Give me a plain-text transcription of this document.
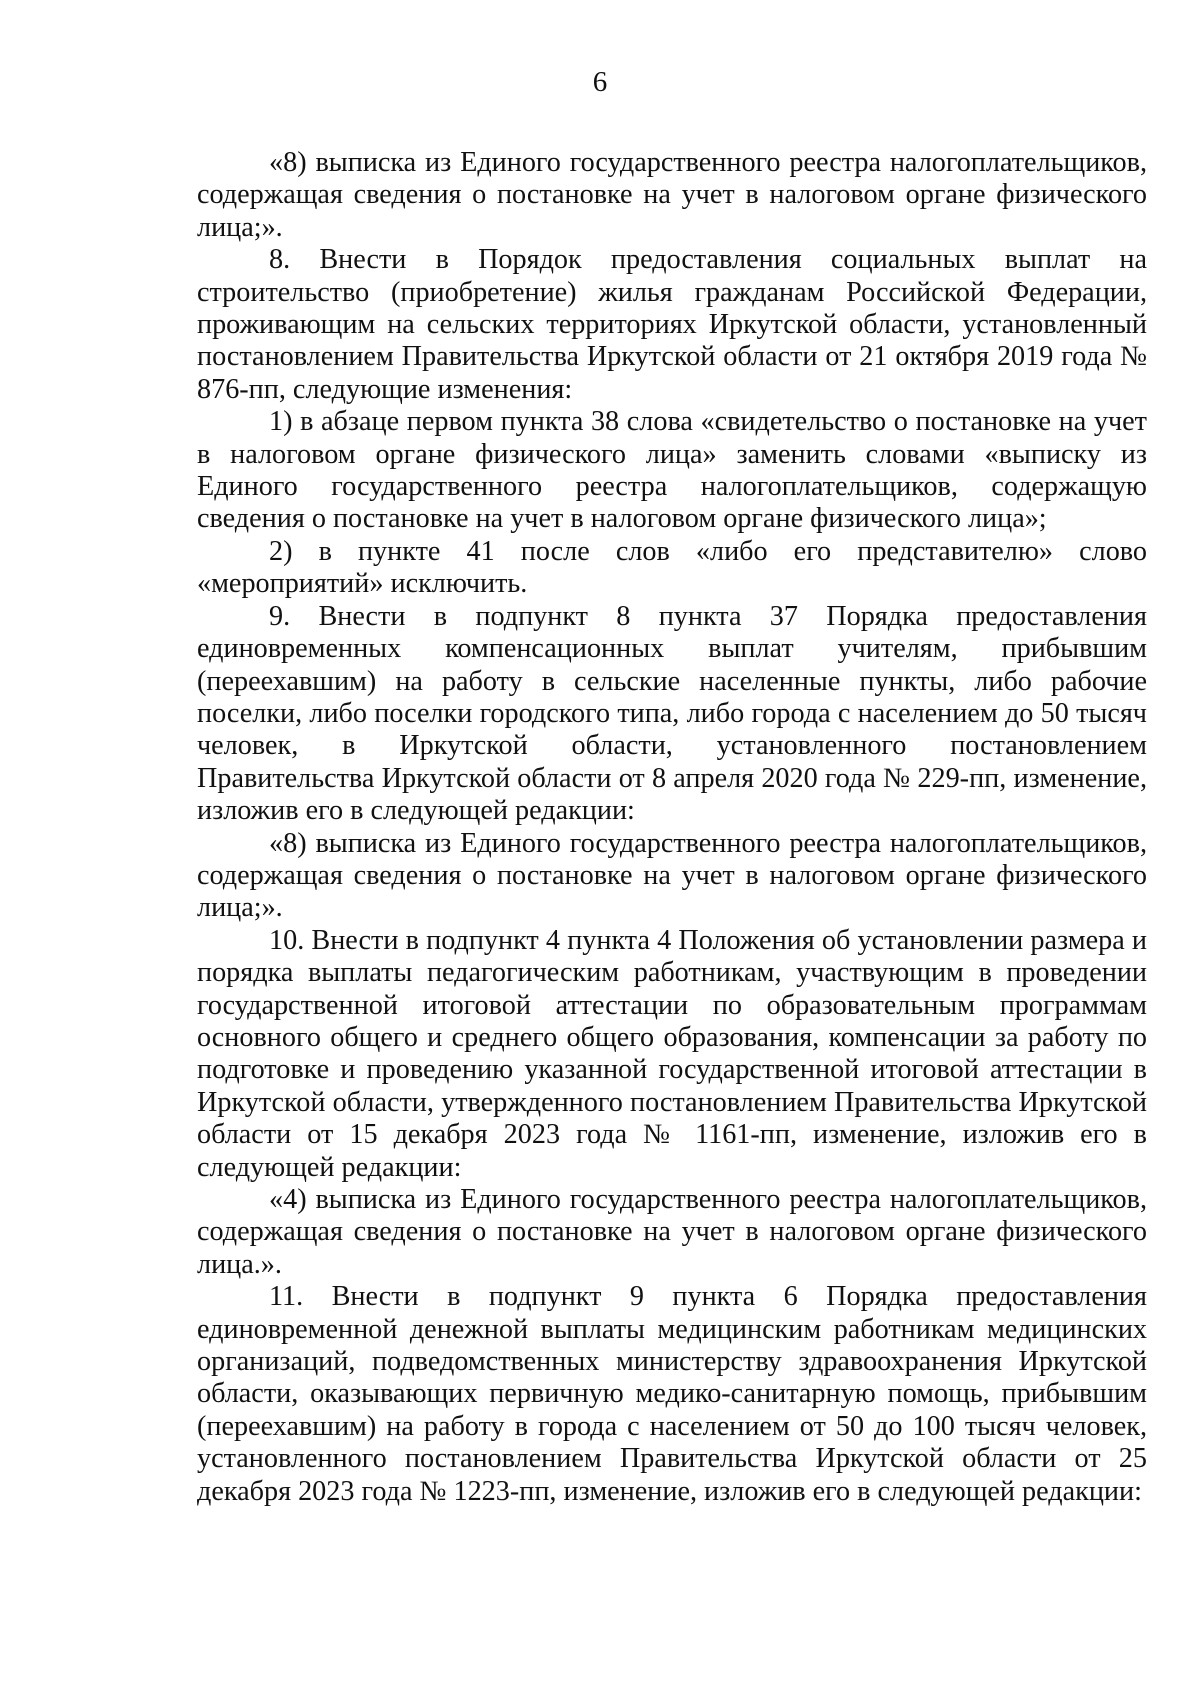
6

«8) выписка из Единого государственного реестра налогоплательщиков, содержащая сведения о постановке на учет в налоговом органе физического лица;».

8. Внести в Порядок предоставления социальных выплат на строительство (приобретение) жилья гражданам Российской Федерации, проживающим на сельских территориях Иркутской области, установленный постановлением Правительства Иркутской области от 21 октября 2019 года № 876-пп, следующие изменения:

1) в абзаце первом пункта 38 слова «свидетельство о постановке на учет в налоговом органе физического лица» заменить словами «выписку из Единого государственного реестра налогоплательщиков, содержащую сведения о постановке на учет в налоговом органе физического лица»;

2) в пункте 41 после слов «либо его представителю» слово «мероприятий» исключить.

9. Внести в подпункт 8 пункта 37 Порядка предоставления единовременных компенсационных выплат учителям, прибывшим (переехавшим) на работу в сельские населенные пункты, либо рабочие поселки, либо поселки городского типа, либо города с населением до 50 тысяч человек, в Иркутской области, установленного постановлением Правительства Иркутской области от 8 апреля 2020 года № 229-пп, изменение, изложив его в следующей редакции:

«8) выписка из Единого государственного реестра налогоплательщиков, содержащая сведения о постановке на учет в налоговом органе физического лица;».

10. Внести в подпункт 4 пункта 4 Положения об установлении размера и порядка выплаты педагогическим работникам, участвующим в проведении государственной итоговой аттестации по образовательным программам основного общего и среднего общего образования, компенсации за работу по подготовке и проведению указанной государственной итоговой аттестации в Иркутской области, утвержденного постановлением Правительства Иркутской области от 15 декабря 2023 года № 1161-пп, изменение, изложив его в следующей редакции:

«4) выписка из Единого государственного реестра налогоплательщиков, содержащая сведения о постановке на учет в налоговом органе физического лица.».

11. Внести в подпункт 9 пункта 6 Порядка предоставления единовременной денежной выплаты медицинским работникам медицинских организаций, подведомственных министерству здравоохранения Иркутской области, оказывающих первичную медико-санитарную помощь, прибывшим (переехавшим) на работу в города с населением от 50 до 100 тысяч человек, установленного постановлением Правительства Иркутской области от 25 декабря 2023 года № 1223-пп, изменение, изложив его в следующей редакции:
